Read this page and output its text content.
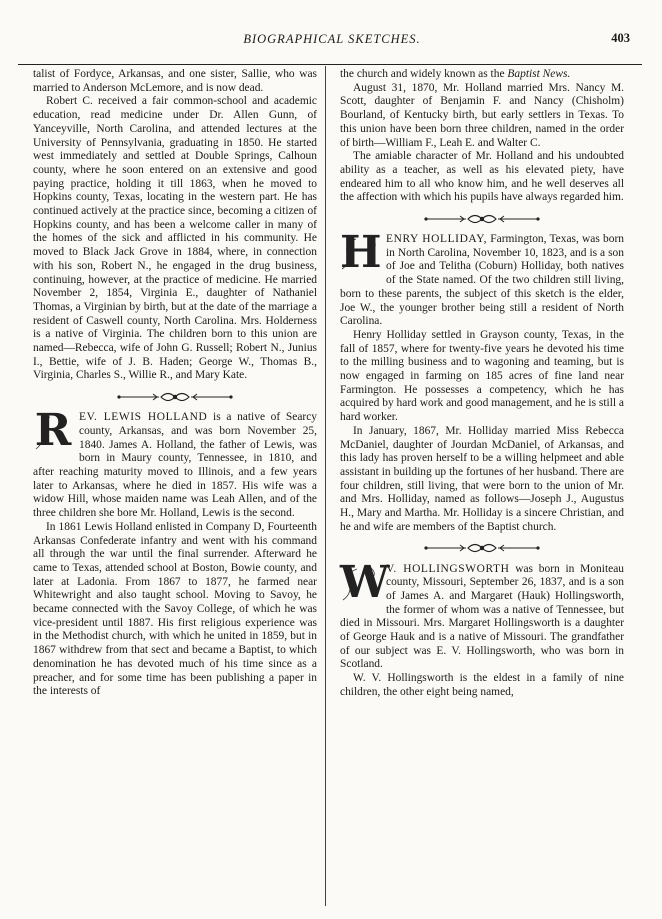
BIOGRAPHICAL SKETCHES.	403

talist of Fordyce, Arkansas, and one sister, Sallie, who was married to Anderson McLemore, and is now dead.

Robert C. received a fair common-school and academic education, read medicine under Dr. Allen Gunn, of Yanceyville, North Carolina, and attended lectures at the University of Pennsylvania, graduating in 1850. He started west immediately and settled at Double Springs, Calhoun county, where he soon entered on an extensive and good paying practice, holding it till 1863, when he moved to Hopkins county, Texas, locating in the western part. He has continued actively at the practice since, becoming a citizen of Hopkins county, and has been a welcome caller in many of the homes of the sick and afflicted in his community. He moved to Black Jack Grove in 1884, where, in connection with his son, Robert N., he engaged in the drug business, continuing, however, at the practice of medicine. He married November 2, 1854, Virginia E., daughter of Nathaniel Thomas, a Virginian by birth, but at the date of the marriage a resident of Caswell county, North Carolina. Mrs. Holderness is a native of Virginia. The children born to this union are named—Rebecca, wife of John G. Russell; Robert N., Junius I., Bettie, wife of J. B. Haden; George W., Thomas B., Virginia, Charles S., Willie R., and Mary Kate.

R EV. LEWIS HOLLAND is a native of Searcy county, Arkansas, and was born November 25, 1840. James A. Holland, the father of Lewis, was born in Maury county, Tennessee, in 1810, and after reaching maturity moved to Illinois, and a few years later to Arkansas, where he died in 1857. His wife was a widow Hill, whose maiden name was Leah Allen, and of the three children she bore Mr. Holland, Lewis is the second.

In 1861 Lewis Holland enlisted in Company D, Fourteenth Arkansas Confederate infantry and went with his command all through the war until the final surrender. Afterward he came to Texas, attended school at Boston, Bowie county, and later at Ladonia. From 1867 to 1877, he farmed near Whitewright and also taught school. Moving to Savoy, he became connected with the Savoy College, of which he was vice-president until 1887. His first religious experience was in the Methodist church, with which he united in 1859, but in 1867 withdrew from that sect and became a Baptist, to which denomination he has devoted much of his time since as a preacher, and for some time has been publishing a paper in the interests of

the church and widely known as the Baptist News.

August 31, 1870, Mr. Holland married Mrs. Nancy M. Scott, daughter of Benjamin F. and Nancy (Chisholm) Bourland, of Kentucky birth, but early settlers in Texas. To this union have been born three children, named in the order of birth—William F., Leah E. and Walter C.

The amiable character of Mr. Holland and his undoubted ability as a teacher, as well as his elevated piety, have endeared him to all who know him, and he well deserves all the affection with which his pupils have always regarded him.

H ENRY HOLLIDAY, Farmington, Texas, was born in North Carolina, November 10, 1823, and is a son of Joe and Telitha (Coburn) Holliday, both natives of the State named. Of the two children still living, born to these parents, the subject of this sketch is the elder, Joe W., the younger brother being still a resident of North Carolina.

Henry Holliday settled in Grayson county, Texas, in the fall of 1857, where for twenty-five years he devoted his time to the milling business and to wagoning and teaming, but is now engaged in farming on 185 acres of fine land near Farmington. He possesses a competency, which he has acquired by hard work and good management, and he is still a hard worker.

In January, 1867, Mr. Holliday married Miss Rebecca McDaniel, daughter of Jourdan McDaniel, of Arkansas, and this lady has proven herself to be a willing helpmeet and able assistant in building up the fortunes of her husband. There are four children, still living, that were born to the union of Mr. and Mrs. Holliday, named as follows—Joseph J., Augustus H., Mary and Martha. Mr. Holliday is a sincere Christian, and he and wife are members of the Baptist church.

W

V. HOLLINGSWORTH was born in Moniteau county, Missouri, September 26, 1837, and is a son of James A. and Margaret (Hauk) Hollingsworth, the former of whom was a native of Tennessee, but died in Missouri. Mrs. Margaret Hollingsworth is a daughter of George Hauk and is a native of Missouri. The grandfather of our subject was E. V. Hollingsworth, who was born in Scotland.

W. V. Hollingsworth is the eldest in a family of nine children, the other eight being named,
